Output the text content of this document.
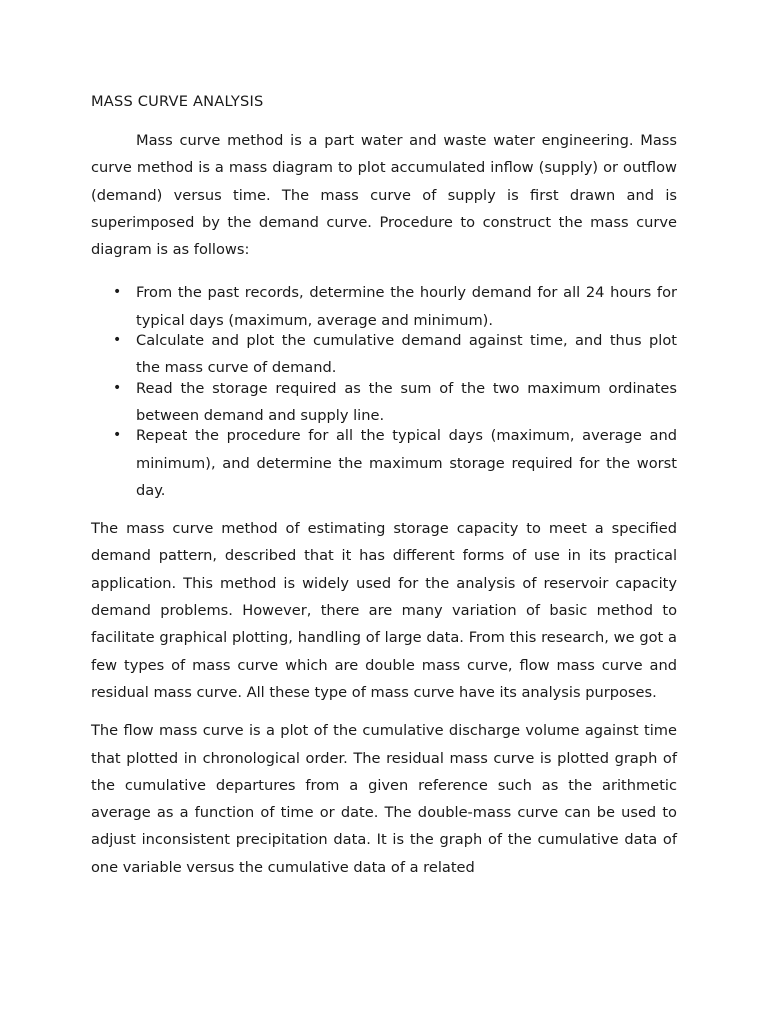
MASS CURVE ANALYSIS

Mass curve method is a part water and waste water engineering. Mass curve method is a mass diagram to plot accumulated inflow (supply) or outflow (demand) versus time. The mass curve of supply is first drawn and is superimposed by the demand curve. Procedure to construct the mass curve diagram is as follows:

• From the past records, determine the hourly demand for all 24 hours for typical days (maximum, average and minimum).
• Calculate and plot the cumulative demand against time, and thus plot the mass curve of demand.
• Read the storage required as the sum of the two maximum ordinates between demand and supply line.
• Repeat the procedure for all the typical days (maximum, average and minimum), and determine the maximum storage required for the worst day.

The mass curve method of estimating storage capacity to meet a specified demand pattern, described that it has different forms of use in its practical application. This method is widely used for the analysis of reservoir capacity demand problems. However, there are many variation of basic method to facilitate graphical plotting, handling of large data. From this research, we got a few types of mass curve which are double mass curve, flow mass curve and residual mass curve. All these type of mass curve have its analysis purposes.

The flow mass curve is a plot of the cumulative discharge volume against time that plotted in chronological order. The residual mass curve is plotted graph of the cumulative departures from a given reference such as the arithmetic average as a function of time or date. The double-mass curve can be used to adjust inconsistent precipitation data. It is the graph of the cumulative data of one variable versus the cumulative data of a related
